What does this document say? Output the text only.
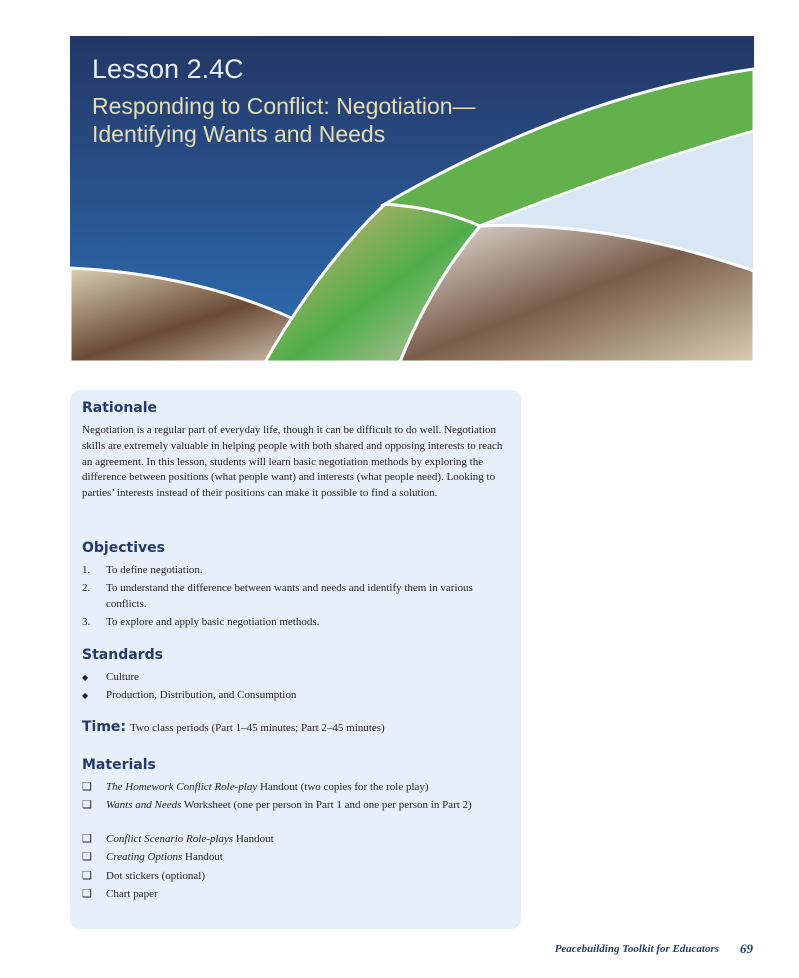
Lesson 2.4C
Responding to Conflict: Negotiation—Identifying Wants and Needs
Rationale
Negotiation is a regular part of everyday life, though it can be difficult to do well. Negotiation skills are extremely valuable in helping people with both shared and opposing interests to reach an agreement. In this lesson, students will learn basic negotiation methods by exploring the difference between positions (what people want) and interests (what people need). Looking to parties’ interests instead of their positions can make it possible to find a solution.
Objectives
1.	To define negotiation.
2.	To understand the difference between wants and needs and identify them in various conflicts.
3.	To explore and apply basic negotiation methods.
Standards
◆	Culture
◆	Production, Distribution, and Consumption
Time: Two class periods (Part 1–45 minutes; Part 2–45 minutes)
Materials
❑	The Homework Conflict Role-play Handout (two copies for the role play)
❑	Wants and Needs Worksheet (one per person in Part 1 and one per person in Part 2)
❑	Conflict Scenario Role-plays Handout
❑	Creating Options Handout
❑	Dot stickers (optional)
❑	Chart paper
Peacebuilding Toolkit for Educators 69
